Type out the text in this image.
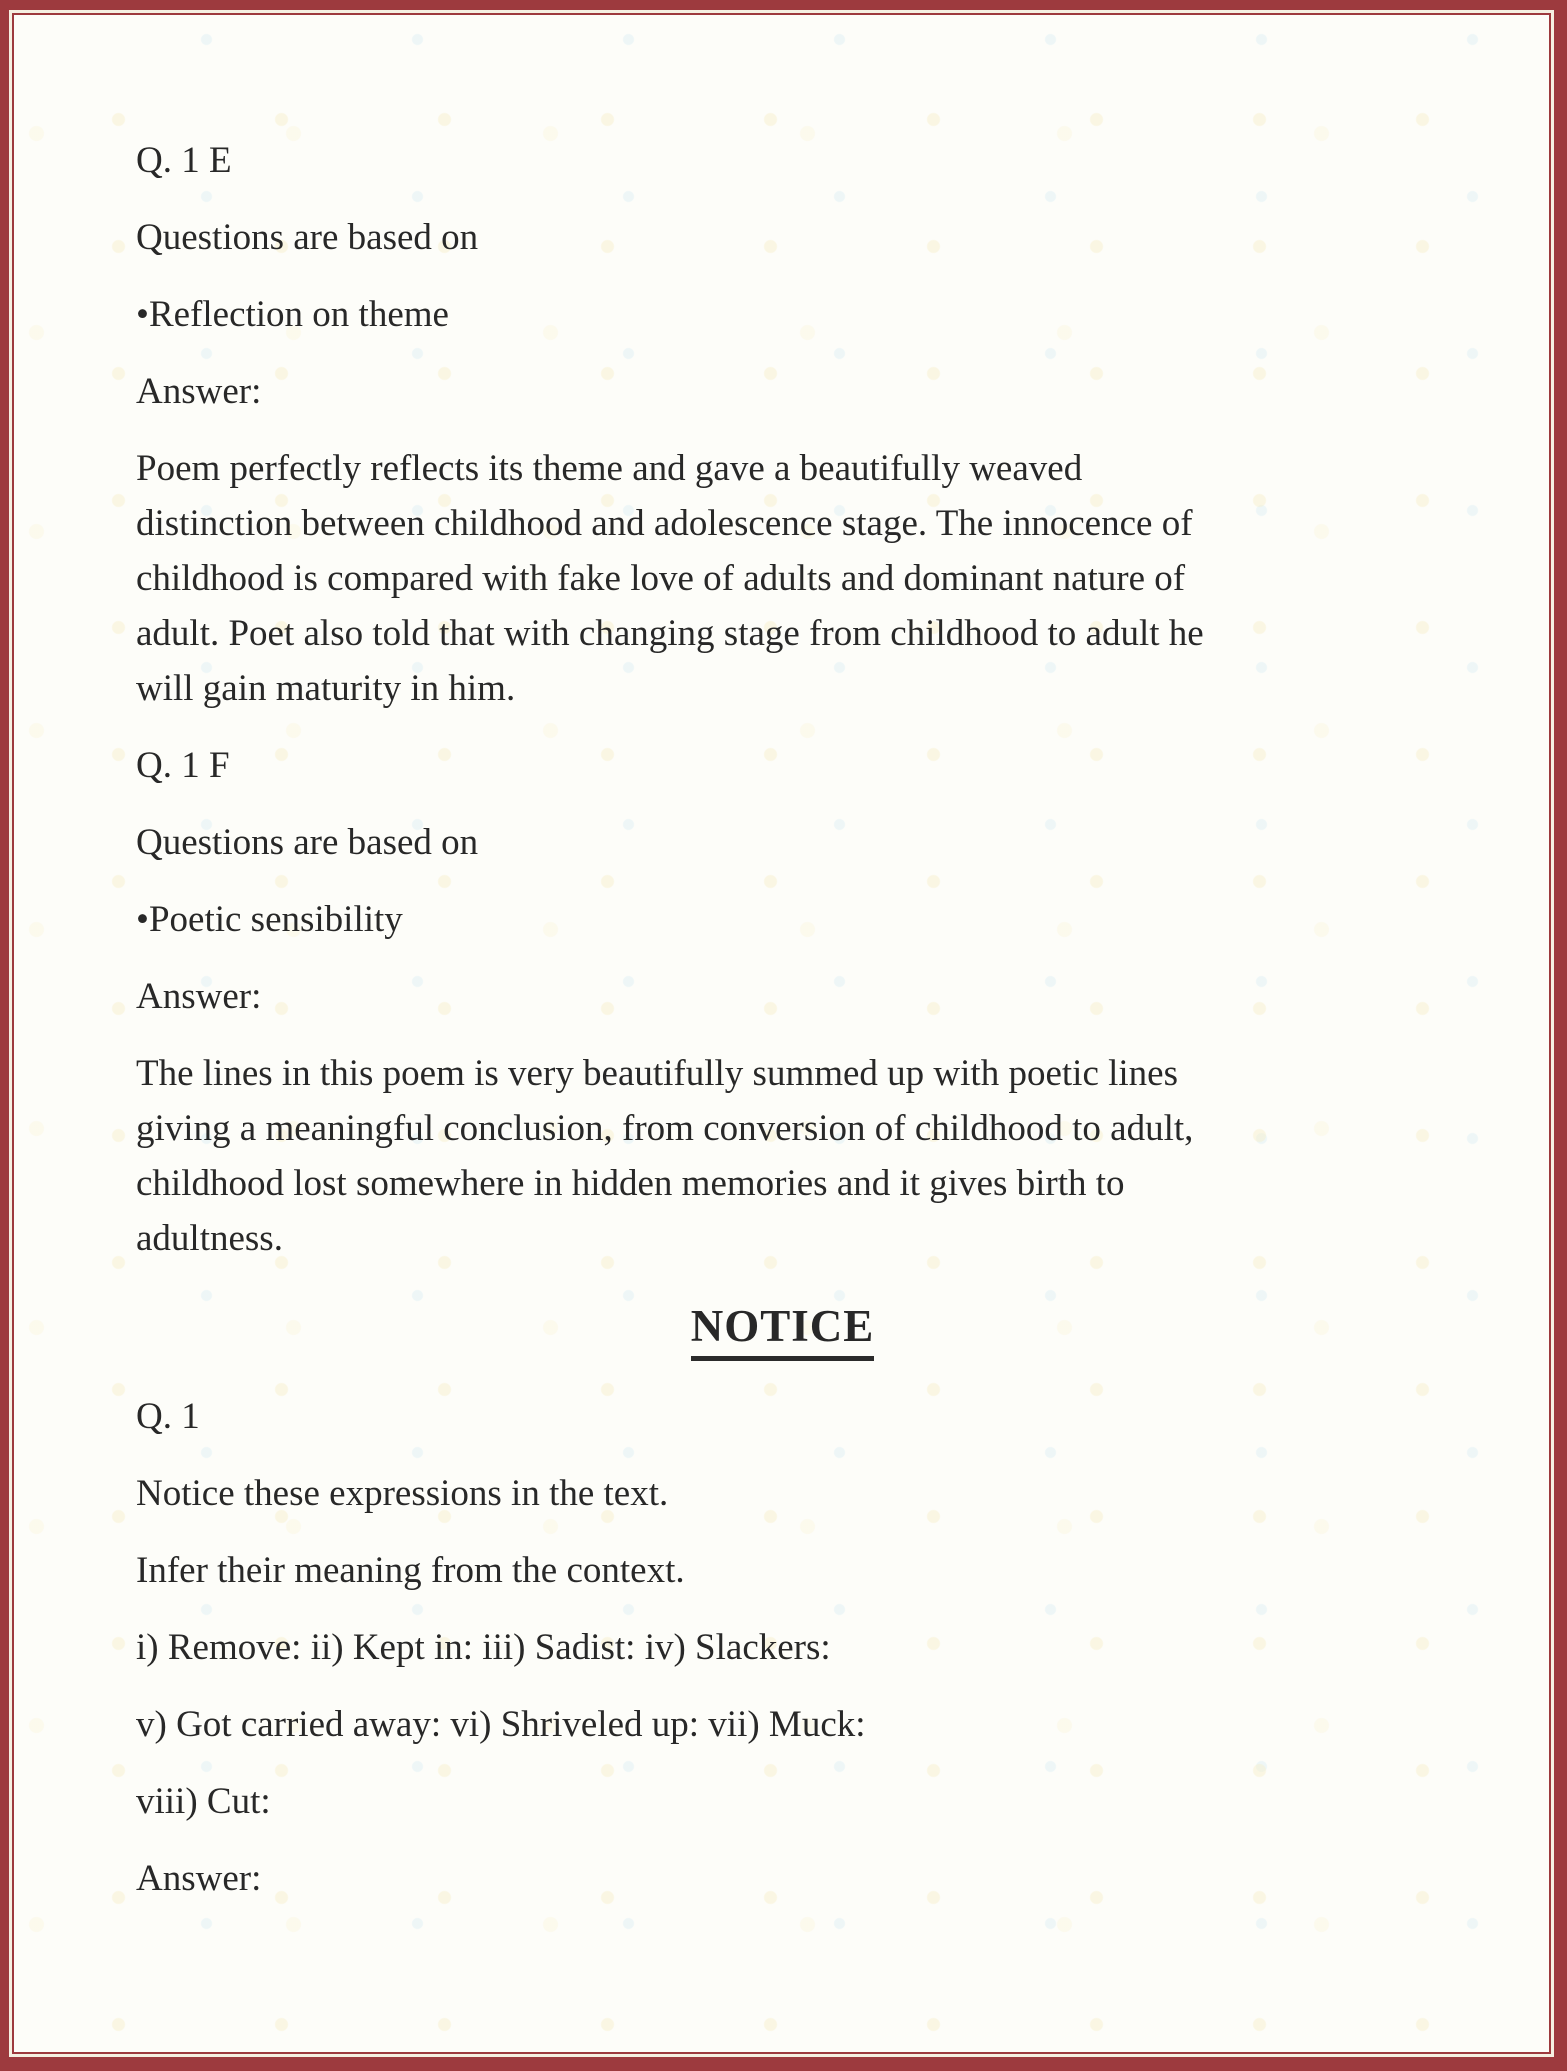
Q. 1 E

Questions are based on

•Reflection on theme

Answer:

Poem perfectly reflects its theme and gave a beautifully weaved
distinction between childhood and adolescence stage. The innocence of
childhood is compared with fake love of adults and dominant nature of
adult. Poet also told that with changing stage from childhood to adult he
will gain maturity in him.

Q. 1 F

Questions are based on

•Poetic sensibility

Answer:

The lines in this poem is very beautifully summed up with poetic lines
giving a meaningful conclusion, from conversion of childhood to adult,
childhood lost somewhere in hidden memories and it gives birth to
adultness.

NOTICE

Q. 1

Notice these expressions in the text.

Infer their meaning from the context.

i) Remove: ii) Kept in: iii) Sadist: iv) Slackers:

v) Got carried away: vi) Shriveled up: vii) Muck:

viii) Cut:

Answer:
